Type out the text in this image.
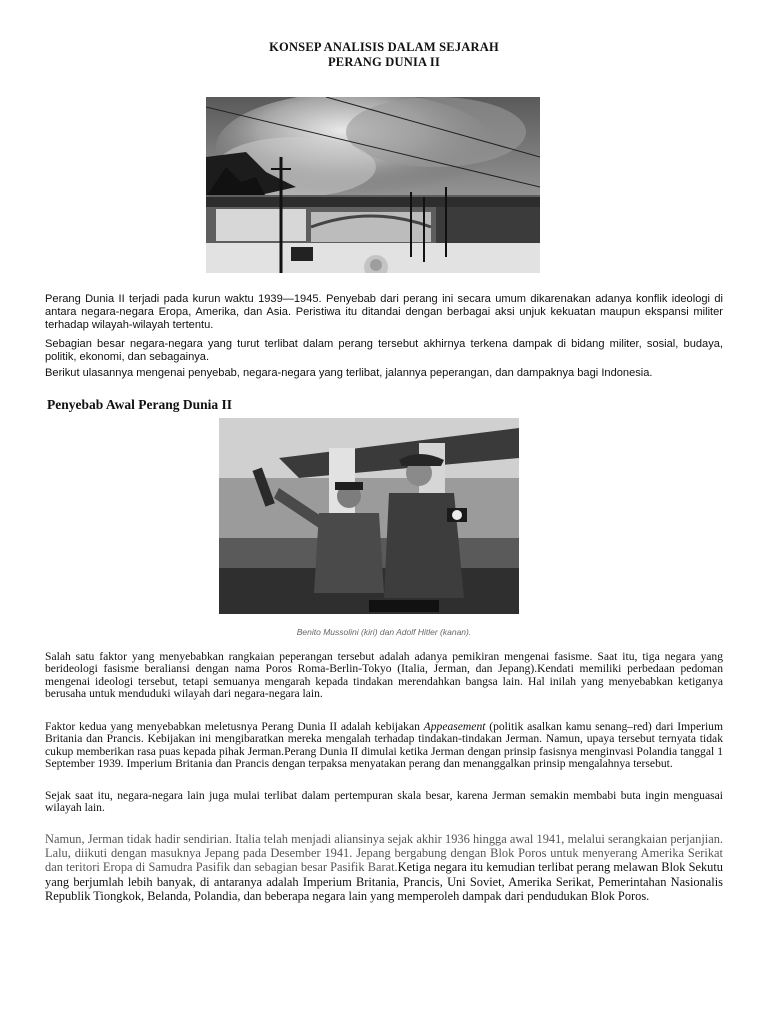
KONSEP ANALISIS DALAM SEJARAH
PERANG DUNIA II

Perang Dunia II terjadi pada kurun waktu 1939—1945. Penyebab dari perang ini secara umum dikarenakan adanya konflik ideologi di antara negara-negara Eropa, Amerika, dan Asia. Peristiwa itu ditandai dengan berbagai aksi unjuk kekuatan maupun ekspansi militer terhadap wilayah-wilayah tertentu.

Sebagian besar negara-negara yang turut terlibat dalam perang tersebut akhirnya terkena dampak di bidang militer, sosial, budaya, politik, ekonomi, dan sebagainya.

Berikut ulasannya mengenai penyebab, negara-negara yang terlibat, jalannya peperangan, dan dampaknya bagi Indonesia.

Penyebab Awal Perang Dunia II
Benito Mussolini (kiri) dan Adolf Hitler (kanan).

Salah satu faktor yang menyebabkan rangkaian peperangan tersebut adalah adanya pemikiran mengenai fasisme. Saat itu, tiga negara yang berideologi fasisme beraliansi dengan nama Poros Roma-Berlin-Tokyo (Italia, Jerman, dan Jepang).Kendati memiliki perbedaan pedoman mengenai ideologi tersebut, tetapi semuanya mengarah kepada tindakan merendahkan bangsa lain. Hal inilah yang menyebabkan ketiganya berusaha untuk menduduki wilayah dari negara-negara lain.

Faktor kedua yang menyebabkan meletusnya Perang Dunia II adalah kebijakan Appeasement (politik asalkan kamu senang–red) dari Imperium Britania dan Prancis. Kebijakan ini mengibaratkan mereka mengalah terhadap tindakan-tindakan Jerman. Namun, upaya tersebut ternyata tidak cukup memberikan rasa puas kepada pihak Jerman.Perang Dunia II dimulai ketika Jerman dengan prinsip fasisnya menginvasi Polandia tanggal 1 September 1939. Imperium Britania dan Prancis dengan terpaksa menyatakan perang dan menanggalkan prinsip mengalahnya tersebut.

Sejak saat itu, negara-negara lain juga mulai terlibat dalam pertempuran skala besar, karena Jerman semakin membabi buta ingin menguasai wilayah lain.

Namun, Jerman tidak hadir sendirian. Italia telah menjadi aliansinya sejak akhir 1936 hingga awal 1941, melalui serangkaian perjanjian. Lalu, diikuti dengan masuknya Jepang pada Desember 1941. Jepang bergabung dengan Blok Poros untuk menyerang Amerika Serikat dan teritori Eropa di Samudra Pasifik dan sebagian besar Pasifik Barat.Ketiga negara itu kemudian terlibat perang melawan Blok Sekutu yang berjumlah lebih banyak, di antaranya adalah Imperium Britania, Prancis, Uni Soviet, Amerika Serikat, Pemerintahan Nasionalis Republik Tiongkok, Belanda, Polandia, dan beberapa negara lain yang memperoleh dampak dari pendudukan Blok Poros.
